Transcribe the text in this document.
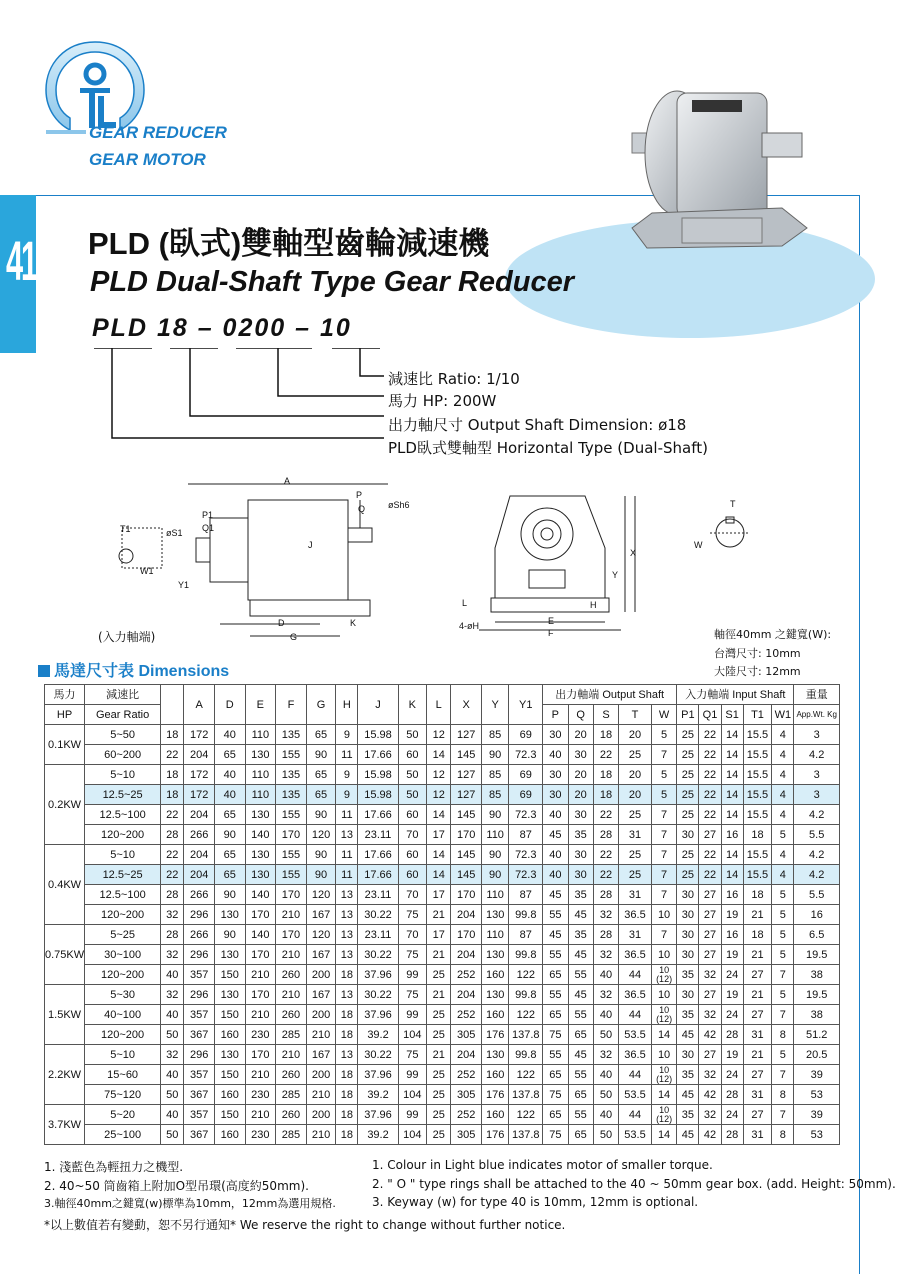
41
GEAR REDUCER
GEAR MOTOR
PLD (臥式)雙軸型齒輪減速機
PLD Dual-Shaft Type Gear Reducer
PLD 18 – 0200 – 10
減速比 Ratio: 1/10
馬力 HP: 200W
出力軸尺寸 Output Shaft Dimension: ø18
PLD臥式雙軸型 Horizontal Type (Dual-Shaft)
A
P
Q
P1
Q1
T1	øS1
W1
Y1
øSh6
J
D
G
K
(入力軸端)
L
4-øH	E
F
X
Y
H
T
W
軸徑40mm 之鍵寬(W):
台灣尺寸: 10mm
大陸尺寸: 12mm
馬達尺寸表 Dimensions
馬力	減速比		A	D	E	F	G	H	J	K	L	X	Y	Y1	出力軸端 Output Shaft					入力軸端 Input Shaft					重量
HP	Gear Ratio														P	Q	S	T	W	P1	Q1	S1	T1	W1	App.Wt. Kg
0.1KW	5~50	18	172	40	110	135	65	9	15.98	50	12	127	85	69	30	20	18	20	5	25	22	14	15.5	4	3
	60~200	22	204	65	130	155	90	11	17.66	60	14	145	90	72.3	40	30	22	25	7	25	22	14	15.5	4	4.2
0.2KW	5~10	18	172	40	110	135	65	9	15.98	50	12	127	85	69	30	20	18	20	5	25	22	14	15.5	4	3
	12.5~25	18	172	40	110	135	65	9	15.98	50	12	127	85	69	30	20	18	20	5	25	22	14	15.5	4	3
	12.5~100	22	204	65	130	155	90	11	17.66	60	14	145	90	72.3	40	30	22	25	7	25	22	14	15.5	4	4.2
	120~200	28	266	90	140	170	120	13	23.11	70	17	170	110	87	45	35	28	31	7	30	27	16	18	5	5.5
0.4KW	5~10	22	204	65	130	155	90	11	17.66	60	14	145	90	72.3	40	30	22	25	7	25	22	14	15.5	4	4.2
	12.5~25	22	204	65	130	155	90	11	17.66	60	14	145	90	72.3	40	30	22	25	7	25	22	14	15.5	4	4.2
	12.5~100	28	266	90	140	170	120	13	23.11	70	17	170	110	87	45	35	28	31	7	30	27	16	18	5	5.5
	120~200	32	296	130	170	210	167	13	30.22	75	21	204	130	99.8	55	45	32	36.5	10	30	27	19	21	5	16
0.75KW	5~25	28	266	90	140	170	120	13	23.11	70	17	170	110	87	45	35	28	31	7	30	27	16	18	5	6.5
	30~100	32	296	130	170	210	167	13	30.22	75	21	204	130	99.8	55	45	32	36.5	10	30	27	19	21	5	19.5
	120~200	40	357	150	210	260	200	18	37.96	99	25	252	160	122	65	55	40	44	10 (12)	35	32	24	27	7	38
1.5KW	5~30	32	296	130	170	210	167	13	30.22	75	21	204	130	99.8	55	45	32	36.5	10	30	27	19	21	5	19.5
	40~100	40	357	150	210	260	200	18	37.96	99	25	252	160	122	65	55	40	44	10 (12)	35	32	24	27	7	38
	120~200	50	367	160	230	285	210	18	39.2	104	25	305	176	137.8	75	65	50	53.5	14	45	42	28	31	8	51.2
2.2KW	5~10	32	296	130	170	210	167	13	30.22	75	21	204	130	99.8	55	45	32	36.5	10	30	27	19	21	5	20.5
	15~60	40	357	150	210	260	200	18	37.96	99	25	252	160	122	65	55	40	44	10 (12)	35	32	24	27	7	39
	75~120	50	367	160	230	285	210	18	39.2	104	25	305	176	137.8	75	65	50	53.5	14	45	42	28	31	8	53
3.7KW	5~20	40	357	150	210	260	200	18	37.96	99	25	252	160	122	65	55	40	44	10 (12)	35	32	24	27	7	39
	25~100	50	367	160	230	285	210	18	39.2	104	25	305	176	137.8	75	65	50	53.5	14	45	42	28	31	8	53
1. 淺藍色為輕扭力之機型.
2. 40~50 筒齒箱上附加O型吊環(高度約50mm).
3.軸徑40mm之鍵寬(w)標準為10mm，12mm為選用規格.
1. Colour in Light blue indicates motor of smaller torque.
2. " O " type rings shall be attached to the 40 ~ 50mm gear box. (add. Height: 50mm).
3. Keyway (w) for type 40 is 10mm, 12mm is optional.
*以上數值若有變動，恕不另行通知* We reserve the right to change without further notice.
